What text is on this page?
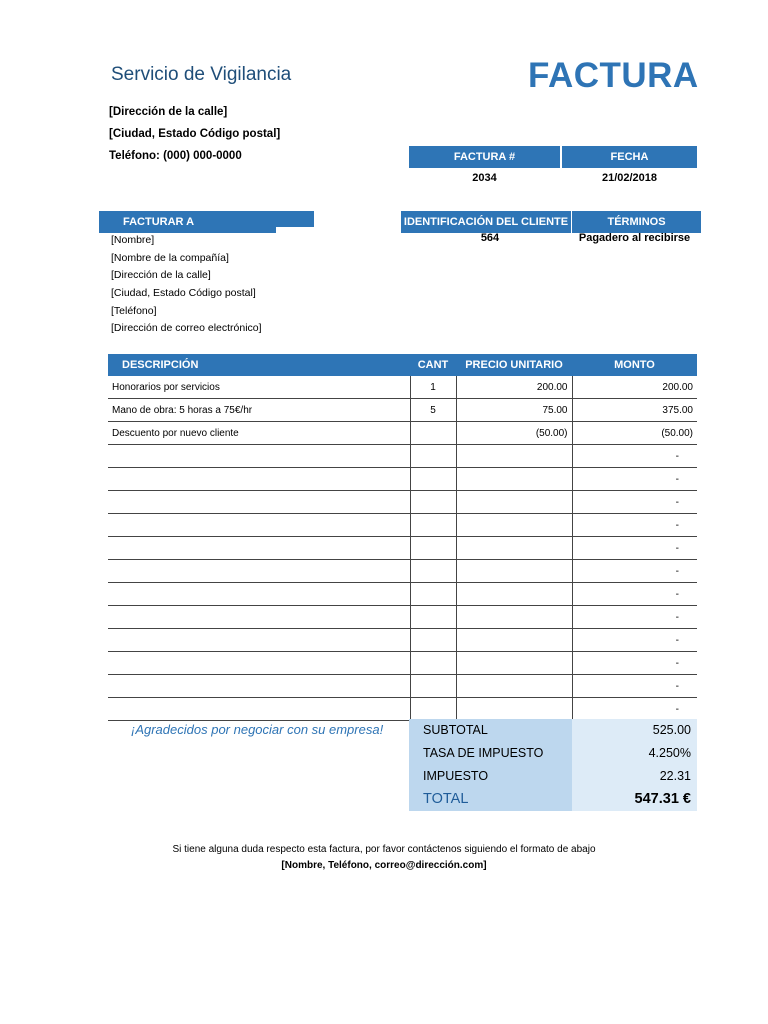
Servicio de Vigilancia	FACTURA
[Dirección de la calle]
[Ciudad, Estado Código postal]
Teléfono: (000) 000-0000	FACTURA #	FECHA
2034	21/02/2018
FACTURAR A	IDENTIFICACIÓN DEL CLIENTE	TÉRMINOS
564	Pagadero al recibirse
[Nombre]
[Nombre de la compañía]
[Dirección de la calle]
[Ciudad, Estado Código postal]
[Teléfono]
[Dirección de correo electrónico]
DESCRIPCIÓN	CANT	PRECIO UNITARIO	MONTO
Honorarios por servicios	1	200.00	200.00
Mano de obra: 5 horas a 75€/hr	5	75.00	375.00
Descuento por nuevo cliente		(50.00)	(50.00)
			-
			-
			-
			-
			-
			-
			-
			-
			-
			-
			-
			-
¡Agradecidos por negociar con su empresa!	SUBTOTAL	525.00
TASA DE IMPUESTO	4.250%
IMPUESTO	22.31
TOTAL	547.31 €
Si tiene alguna duda respecto esta factura, por favor contáctenos siguiendo el formato de abajo
[Nombre, Teléfono, correo@dirección.com]
